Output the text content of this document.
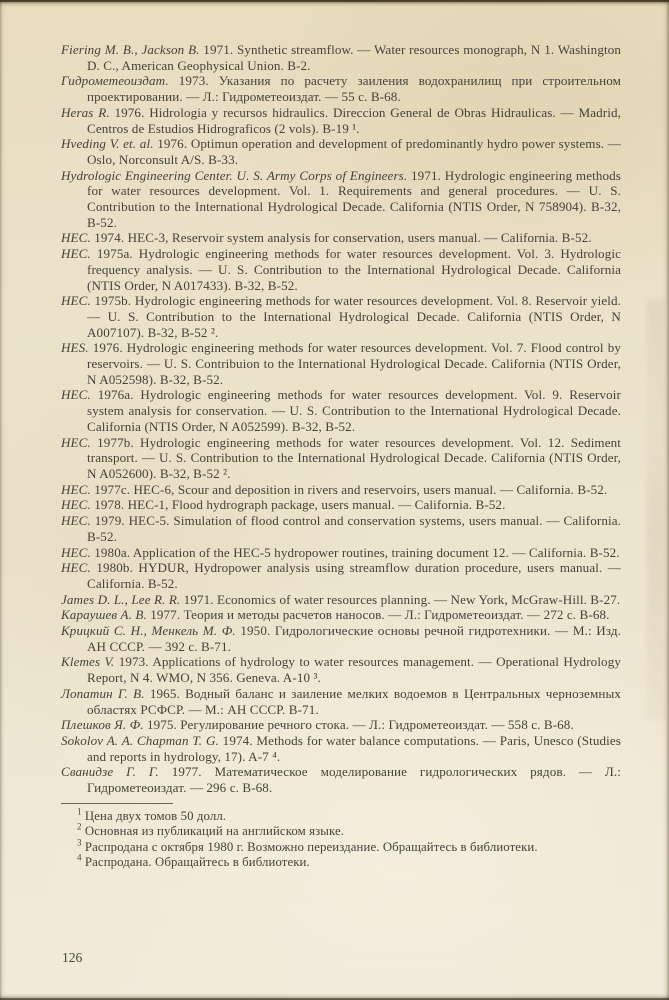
Fiering M. B., Jackson B. 1971. Synthetic streamflow. — Water resources monograph, N 1. Washington D. C., American Geophysical Union. B-2.

Гидрометеоиздат. 1973. Указания по расчету заиления водохранилищ при строительном проектировании. — Л.: Гидрометеоиздат. — 55 с. B-68.

Heras R. 1976. Hidrologia y recursos hidraulics. Direccion General de Obras Hidraulicas. — Madrid, Centros de Estudios Hidrograficos (2 vols). B-19 ¹.

Hveding V. et. al. 1976. Optimun operation and development of predominantly hydro power systems. — Oslo, Norconsult A/S. B-33.

Hydrologic Engineering Center. U. S. Army Corps of Engineers. 1971. Hydrologic engineering methods for water resources development. Vol. 1. Requirements and general procedures. — U. S. Contribution to the International Hydrological Decade. California (NTIS Order, N 758904). B-32, B-52.

HEC. 1974. HEC-3, Reservoir system analysis for conservation, users manual. — California. B-52.

HEC. 1975a. Hydrologic engineering methods for water resources development. Vol. 3. Hydrologic frequency analysis. — U. S. Contribution to the International Hydrological Decade. California (NTIS Order, N A017433). B-32, B-52.

HEC. 1975b. Hydrologic engineering methods for water resources development. Vol. 8. Reservoir yield. — U. S. Contribution to the International Hydrological Decade. California (NTIS Order, N A007107). B-32, B-52 ².

HES. 1976. Hydrologic engineering methods for water resources development. Vol. 7. Flood control by reservoirs. — U. S. Contribuion to the International Hydrological Decade. California (NTIS Order, N A052598). B-32, B-52.

HEC. 1976a. Hydrologic engineering methods for water resources development. Vol. 9. Reservoir system analysis for conservation. — U. S. Contribution to the International Hydrological Decade. California (NTIS Order, N A052599). B-32, B-52.

HEC. 1977b. Hydrologic engineering methods for water resources development. Vol. 12. Sediment transport. — U. S. Contribution to the International Hydrological Decade. California (NTIS Order, N A052600). B-32, B-52 ².

HEC. 1977c. HEC-6, Scour and deposition in rivers and reservoirs, users manual. — California. B-52.

HEC. 1978. HEC-1, Flood hydrograph package, users manual. — California. B-52.

HEC. 1979. HEC-5. Simulation of flood control and conservation systems, users manual. — California. B-52.

HEC. 1980a. Application of the HEC-5 hydropower routines, training document 12. — California. B-52.

HEC. 1980b. HYDUR, Hydropower analysis using streamflow duration procedure, users manual. — California. B-52.

James D. L., Lee R. R. 1971. Economics of water resources planning. — New York, McGraw-Hill. B-27.

Караушев А. В. 1977. Теория и методы расчетов наносов. — Л.: Гидрометеоиздат. — 272 с. B-68.

Крицкий С. Н., Менкель М. Ф. 1950. Гидрологические основы речной гидротехники. — М.: Изд. АН СССР. — 392 с. B-71.

Klemes V. 1973. Applications of hydrology to water resources management. — Operational Hydrology Report, N 4. WMO, N 356. Geneva. A-10 ³.

Лопатин Г. В. 1965. Водный баланс и заиление мелких водоемов в Центральных черноземных областях РСФСР. — М.: АН СССР. B-71.

Плешков Я. Ф. 1975. Регулирование речного стока. — Л.: Гидрометеоиздат. — 558 с. B-68.

Sokolov A. A. Chapman T. G. 1974. Methods for water balance computations. — Paris, Unesco (Studies and reports in hydrology, 17). A-7 ⁴.

Сванидзе Г. Г. 1977. Математическое моделирование гидрологических рядов. — Л.: Гидрометеоиздат. — 296 с. B-68.

$^1$ Цена двух томов 50 долл.

$^2$ Основная из публикаций на английском языке.

$^3$ Распродана с октября 1980 г. Возможно переиздание. Обращайтесь в библиотеки.

$^4$ Распродана. Обращайтесь в библиотеки.

126
